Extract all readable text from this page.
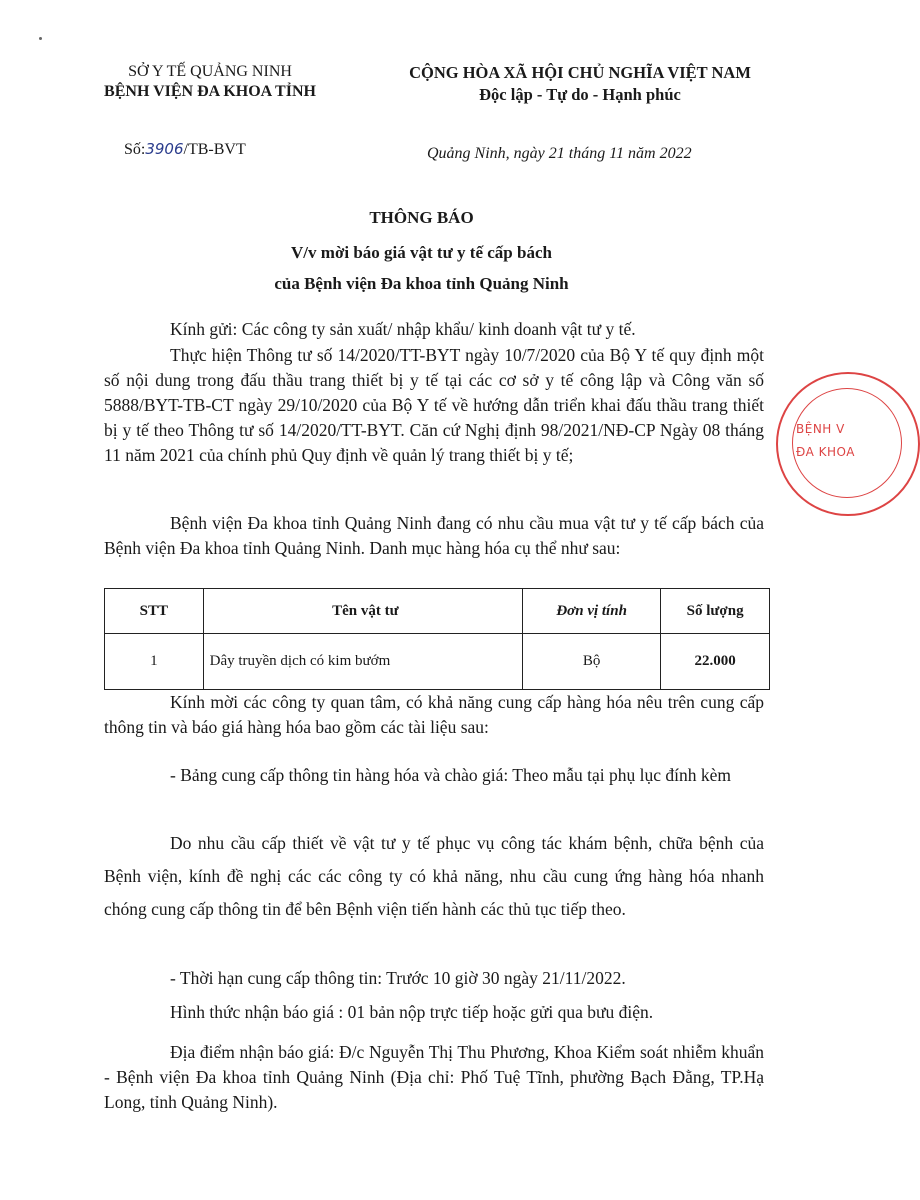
SỞ Y TẾ QUẢNG NINH
BỆNH VIỆN ĐA KHOA TỈNH
CỘNG HÒA XÃ HỘI CHỦ NGHĨA VIỆT NAM
Độc lập - Tự do - Hạnh phúc
Số:3906/TB-BVT	Quảng Ninh, ngày 21 tháng 11 năm 2022
THÔNG BÁO
V/v mời báo giá vật tư y tế cấp bách
của Bệnh viện Đa khoa tỉnh Quảng Ninh
Kính gửi: Các công ty sản xuất/ nhập khẩu/ kinh doanh vật tư y tế.
Thực hiện Thông tư số 14/2020/TT-BYT ngày 10/7/2020 của Bộ Y tế quy định một số nội dung trong đấu thầu trang thiết bị y tế tại các cơ sở y tế công lập và Công văn số 5888/BYT-TB-CT ngày 29/10/2020 của Bộ Y tế về hướng dẫn triển khai đấu thầu trang thiết bị y tế theo Thông tư số 14/2020/TT-BYT. Căn cứ Nghị định 98/2021/NĐ-CP Ngày 08 tháng 11 năm 2021 của chính phủ Quy định về quản lý trang thiết bị y tế;
Bệnh viện Đa khoa tỉnh Quảng Ninh đang có nhu cầu mua vật tư y tế cấp bách của Bệnh viện Đa khoa tỉnh Quảng Ninh. Danh mục hàng hóa cụ thể như sau:
STT	Tên vật tư	Đơn vị tính	Số lượng
1	Dây truyền dịch có kim bướm	Bộ	22.000
Kính mời các công ty quan tâm, có khả năng cung cấp hàng hóa nêu trên cung cấp thông tin và báo giá hàng hóa bao gồm các tài liệu sau:
- Bảng cung cấp thông tin hàng hóa và chào giá: Theo mẫu tại phụ lục đính kèm
Do nhu cầu cấp thiết về vật tư y tế phục vụ công tác khám bệnh, chữa bệnh của Bệnh viện, kính đề nghị các các công ty có khả năng, nhu cầu cung ứng hàng hóa nhanh chóng cung cấp thông tin để bên Bệnh viện tiến hành các thủ tục tiếp theo.
- Thời hạn cung cấp thông tin: Trước 10 giờ 30 ngày 21/11/2022.
Hình thức nhận báo giá : 01 bản nộp trực tiếp hoặc gửi qua bưu điện.
Địa điểm nhận báo giá: Đ/c Nguyễn Thị Thu Phương, Khoa Kiểm soát nhiễm khuẩn - Bệnh viện Đa khoa tỉnh Quảng Ninh (Địa chỉ: Phố Tuệ Tĩnh, phường Bạch Đằng, TP.Hạ Long, tỉnh Quảng Ninh).
BỆNH V
ĐA KHOA
